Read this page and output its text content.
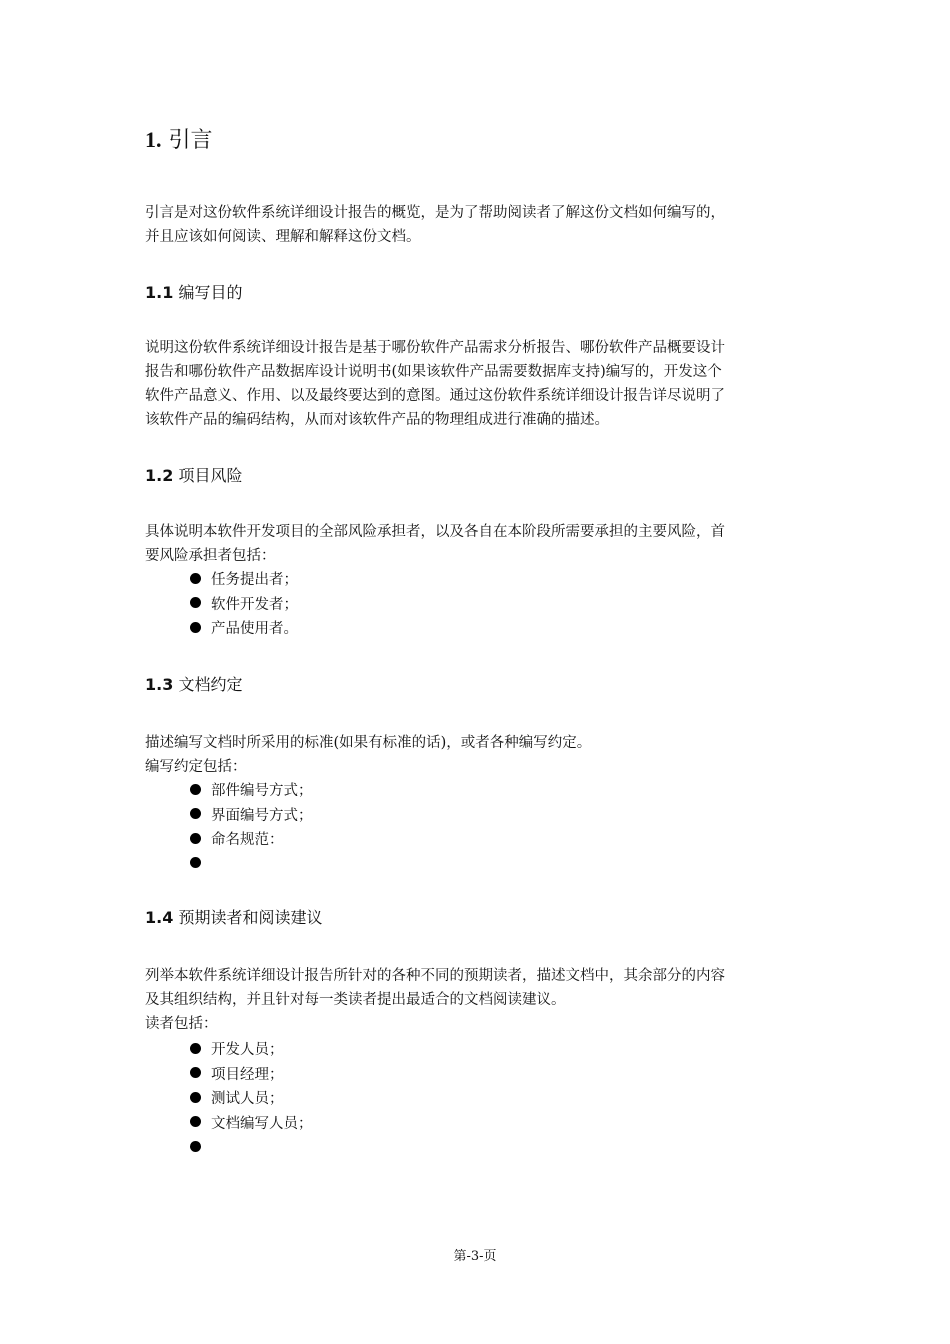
1. 引言

引言是对这份软件系统详细设计报告的概览，是为了帮助阅读者了解这份文档如何编写的，
并且应该如何阅读、理解和解释这份文档。

1.1 编写目的

说明这份软件系统详细设计报告是基于哪份软件产品需求分析报告、哪份软件产品概要设计
报告和哪份软件产品数据库设计说明书(如果该软件产品需要数据库支持)编写的，开发这个
软件产品意义、作用、以及最终要达到的意图。通过这份软件系统详细设计报告详尽说明了
该软件产品的编码结构，从而对该软件产品的物理组成进行准确的描述。

1.2 项目风险

具体说明本软件开发项目的全部风险承担者，以及各自在本阶段所需要承担的主要风险，首
要风险承担者包括：

任务提出者；
软件开发者；
产品使用者。
1.3 文档约定

描述编写文档时所采用的标准(如果有标准的话)，或者各种编写约定。
编写约定包括：

部件编号方式；
界面编号方式；
命名规范：
1.4 预期读者和阅读建议

列举本软件系统详细设计报告所针对的各种不同的预期读者，描述文档中，其余部分的内容
及其组织结构，并且针对每一类读者提出最适合的文档阅读建议。
读者包括：

开发人员；
项目经理；
测试人员；
文档编写人员；
第-3-页
